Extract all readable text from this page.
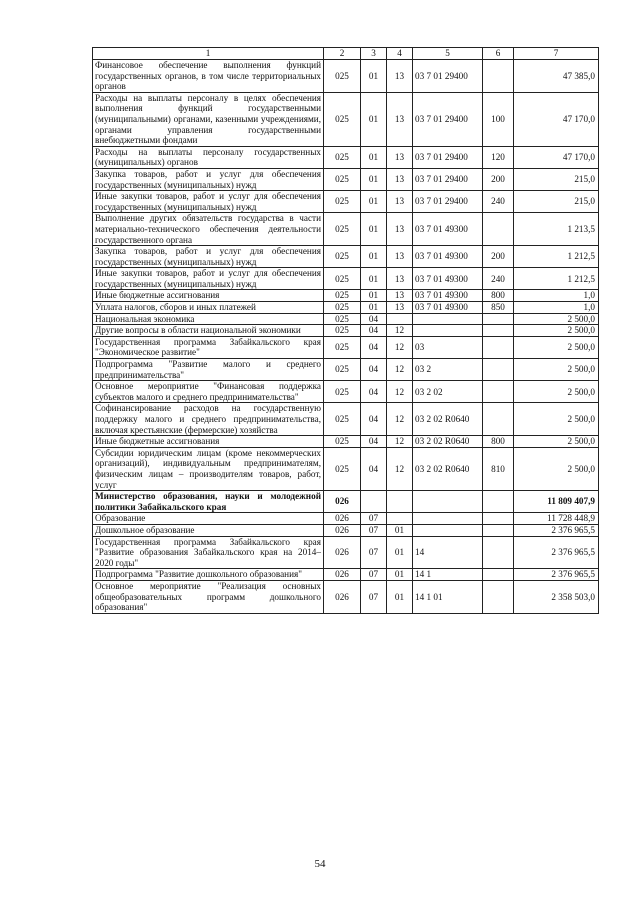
1	2	3	4	5	6	7
Финансовое обеспечение выполнения функций государственных органов, в том числе территориальных органов	025	01	13	03 7 01 29400		47 385,0
Расходы на выплаты персоналу в целях обеспечения выполнения функций государственными (муниципальными) органами, казенными учреждениями, органами управления государственными внебюджетными фондами	025	01	13	03 7 01 29400	100	47 170,0
Расходы на выплаты персоналу государственных (муниципальных) органов	025	01	13	03 7 01 29400	120	47 170,0
Закупка товаров, работ и услуг для обеспечения государственных (муниципальных) нужд	025	01	13	03 7 01 29400	200	215,0
Иные закупки товаров, работ и услуг для обеспечения государственных (муниципальных) нужд	025	01	13	03 7 01 29400	240	215,0
Выполнение других обязательств государства в части материально-технического обеспечения деятельности государственного органа	025	01	13	03 7 01 49300		1 213,5
Закупка товаров, работ и услуг для обеспечения государственных (муниципальных) нужд	025	01	13	03 7 01 49300	200	1 212,5
Иные закупки товаров, работ и услуг для обеспечения государственных (муниципальных) нужд	025	01	13	03 7 01 49300	240	1 212,5
Иные бюджетные ассигнования	025	01	13	03 7 01 49300	800	1,0
Уплата налогов, сборов и иных платежей	025	01	13	03 7 01 49300	850	1,0
Национальная экономика	025	04				2 500,0
Другие вопросы в области национальной экономики	025	04	12			2 500,0
Государственная программа Забайкальского края "Экономическое развитие"	025	04	12	03		2 500,0
Подпрограмма "Развитие малого и среднего предпринимательства"	025	04	12	03 2		2 500,0
Основное мероприятие "Финансовая поддержка субъектов малого и среднего предпринимательства"	025	04	12	03 2 02		2 500,0
Софинансирование расходов на государственную поддержку малого и среднего предпринимательства, включая крестьянские (фермерские) хозяйства	025	04	12	03 2 02 R0640		2 500,0
Иные бюджетные ассигнования	025	04	12	03 2 02 R0640	800	2 500,0
Субсидии юридическим лицам (кроме некоммерческих организаций), индивидуальным предпринимателям, физическим лицам – производителям товаров, работ, услуг	025	04	12	03 2 02 R0640	810	2 500,0
Министерство образования, науки и молодежной политики Забайкальского края	026					11 809 407,9
Образование	026	07				11 728 448,9
Дошкольное образование	026	07	01			2 376 965,5
Государственная программа Забайкальского края "Развитие образования Забайкальского края на 2014–2020 годы"	026	07	01	14		2 376 965,5
Подпрограмма "Развитие дошкольного образования"	026	07	01	14 1		2 376 965,5
Основное мероприятие "Реализация основных общеобразовательных программ дошкольного образования"	026	07	01	14 1 01		2 358 503,0
54
